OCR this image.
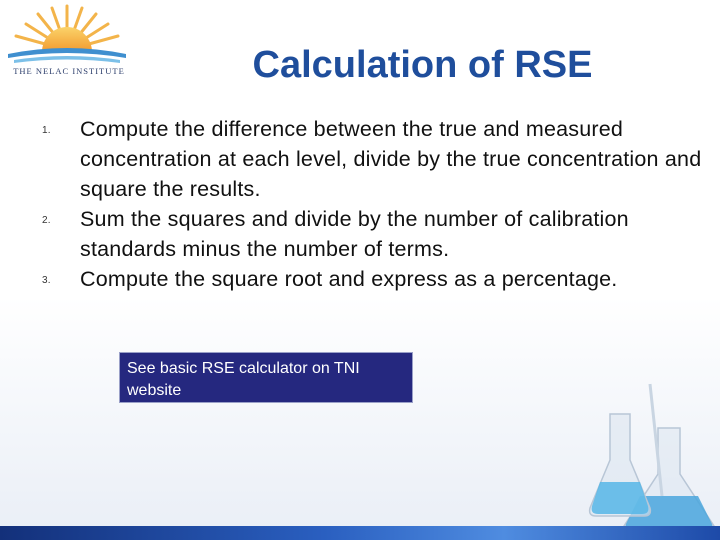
THE NELAC INSTITUTE	Calculation of RSE
1. Compute the difference between the true and measured concentration at each level, divide by the true concentration and square the results.
2. Sum the squares and divide by the number of calibration standards minus the number of terms.
3. Compute the square root and express as a percentage.
See basic RSE calculator on TNI website
